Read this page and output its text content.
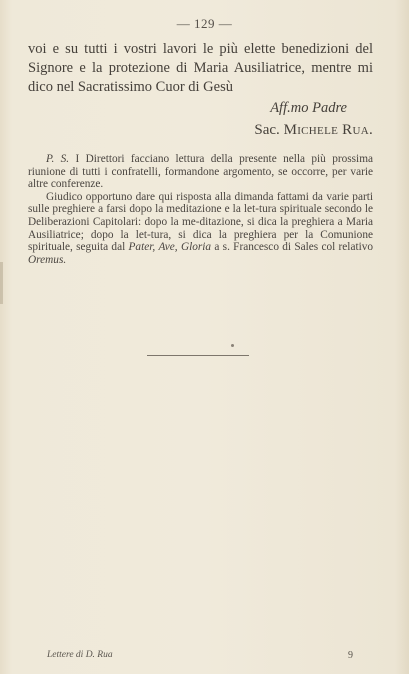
— 129 —

voi e su tutti i vostri lavori le più elette benedizioni del Signore e la protezione di Maria Ausiliatrice, mentre mi dico nel Sacratissimo Cuor di Gesù

Aff.mo Padre
Sac. Michele Rua.

P. S. I Direttori facciano lettura della presente nella più prossima riunione di tutti i confratelli, formandone argomento, se occorre, per varie altre conferenze.

Giudico opportuno dare qui risposta alla dimanda fattami da varie parti sulle preghiere a farsi dopo la meditazione e la let-tura spirituale secondo le Deliberazioni Capitolari: dopo la me-ditazione, si dica la preghiera a Maria Ausiliatrice; dopo la let-tura, si dica la preghiera per la Comunione spirituale, seguita dal Pater, Ave, Gloria a s. Francesco di Sales col relativo Oremus.

Lettere di D. Rua	9
